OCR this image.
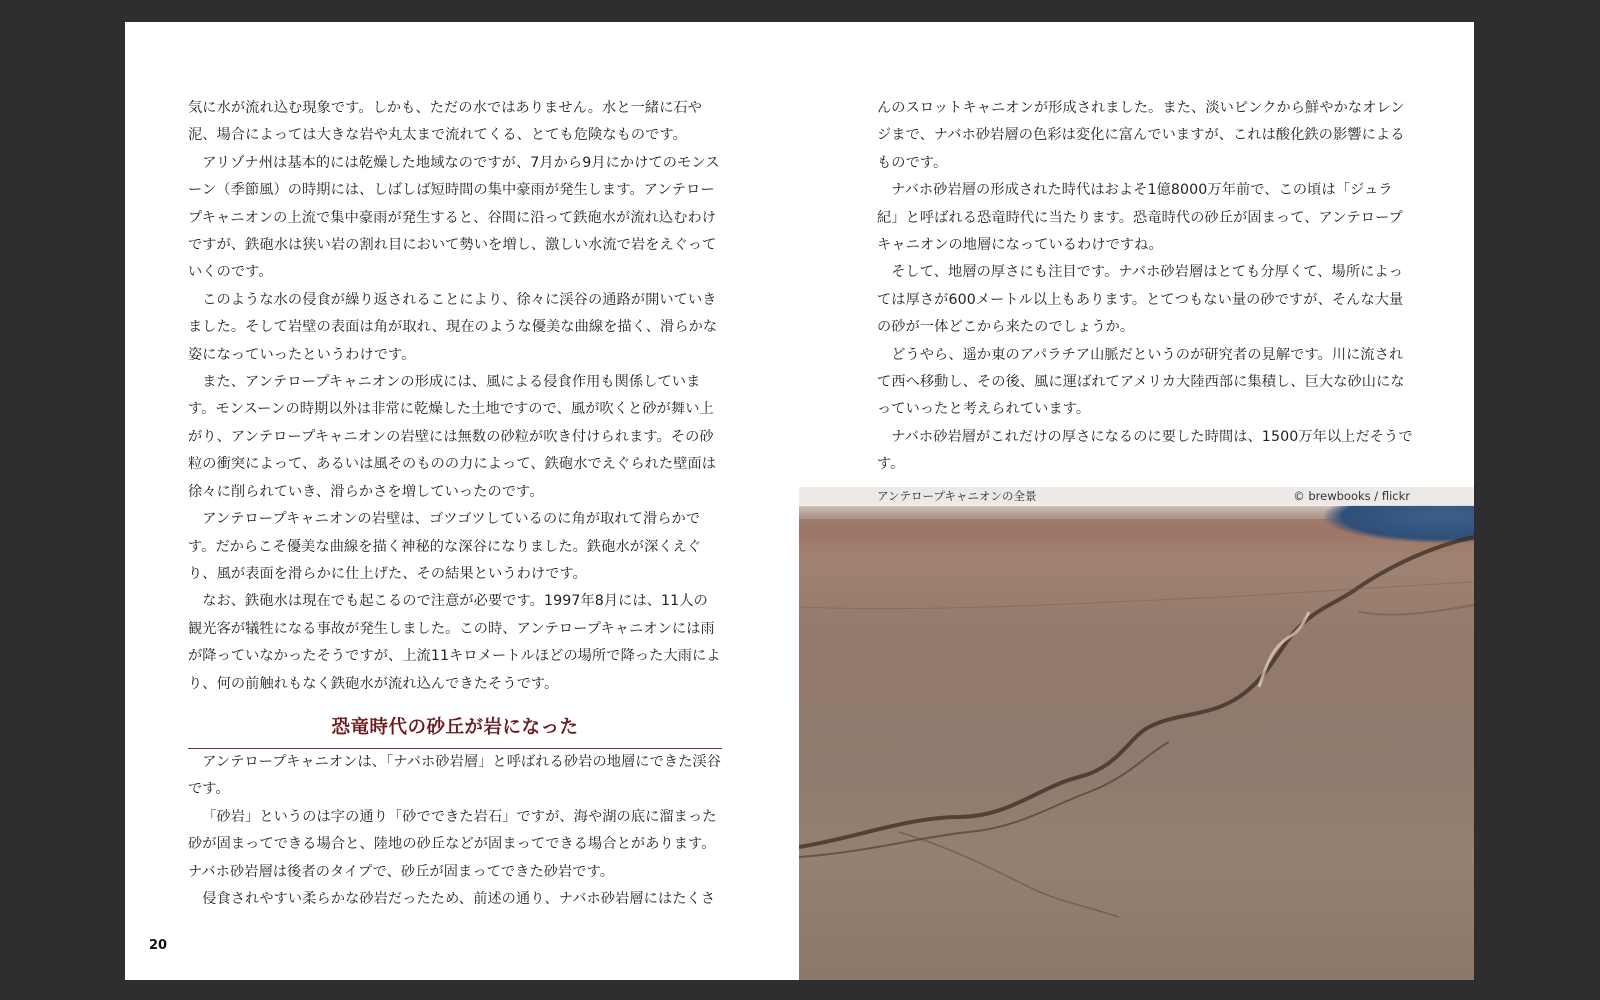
気に水が流れ込む現象です。しかも、ただの水ではありません。水と一緒に石や泥、場合によっては大きな岩や丸太まで流れてくる、とても危険なものです。

アリゾナ州は基本的には乾燥した地域なのですが、7月から9月にかけてのモンスーン（季節風）の時期には、しばしば短時間の集中豪雨が発生します。アンテロープキャニオンの上流で集中豪雨が発生すると、谷間に沿って鉄砲水が流れ込むわけですが、鉄砲水は狭い岩の割れ目において勢いを増し、激しい水流で岩をえぐっていくのです。

このような水の侵食が繰り返されることにより、徐々に渓谷の通路が開いていきました。そして岩壁の表面は角が取れ、現在のような優美な曲線を描く、滑らかな姿になっていったというわけです。

また、アンテロープキャニオンの形成には、風による侵食作用も関係しています。モンスーンの時期以外は非常に乾燥した土地ですので、風が吹くと砂が舞い上がり、アンテロープキャニオンの岩壁には無数の砂粒が吹き付けられます。その砂粒の衝突によって、あるいは風そのものの力によって、鉄砲水でえぐられた壁面は徐々に削られていき、滑らかさを増していったのです。

アンテロープキャニオンの岩壁は、ゴツゴツしているのに角が取れて滑らかです。だからこそ優美な曲線を描く神秘的な深谷になりました。鉄砲水が深くえぐり、風が表面を滑らかに仕上げた、その結果というわけです。

なお、鉄砲水は現在でも起こるので注意が必要です。1997年8月には、11人の観光客が犠牲になる事故が発生しました。この時、アンテロープキャニオンには雨が降っていなかったそうですが、上流11キロメートルほどの場所で降った大雨により、何の前触れもなく鉄砲水が流れ込んできたそうです。

恐竜時代の砂丘が岩になった

アンテロープキャニオンは、「ナバホ砂岩層」と呼ばれる砂岩の地層にできた渓谷です。

「砂岩」というのは字の通り「砂でできた岩石」ですが、海や湖の底に溜まった砂が固まってできる場合と、陸地の砂丘などが固まってできる場合とがあります。ナバホ砂岩層は後者のタイプで、砂丘が固まってできた砂岩です。

侵食されやすい柔らかな砂岩だったため、前述の通り、ナバホ砂岩層にはたくさ

20

んのスロットキャニオンが形成されました。また、淡いピンクから鮮やかなオレンジまで、ナバホ砂岩層の色彩は変化に富んでいますが、これは酸化鉄の影響によるものです。

ナバホ砂岩層の形成された時代はおよそ1億8000万年前で、この頃は「ジュラ紀」と呼ばれる恐竜時代に当たります。恐竜時代の砂丘が固まって、アンテロープキャニオンの地層になっているわけですね。

そして、地層の厚さにも注目です。ナバホ砂岩層はとても分厚くて、場所によっては厚さが600メートル以上もあります。とてつもない量の砂ですが、そんな大量の砂が一体どこから来たのでしょうか。

どうやら、遥か東のアパラチア山脈だというのが研究者の見解です。川に流されて西へ移動し、その後、風に運ばれてアメリカ大陸西部に集積し、巨大な砂山になっていったと考えられています。

ナバホ砂岩層がこれだけの厚さになるのに要した時間は、1500万年以上だそうです。

アンテロープキャニオンの全景	© brewbooks / flickr
